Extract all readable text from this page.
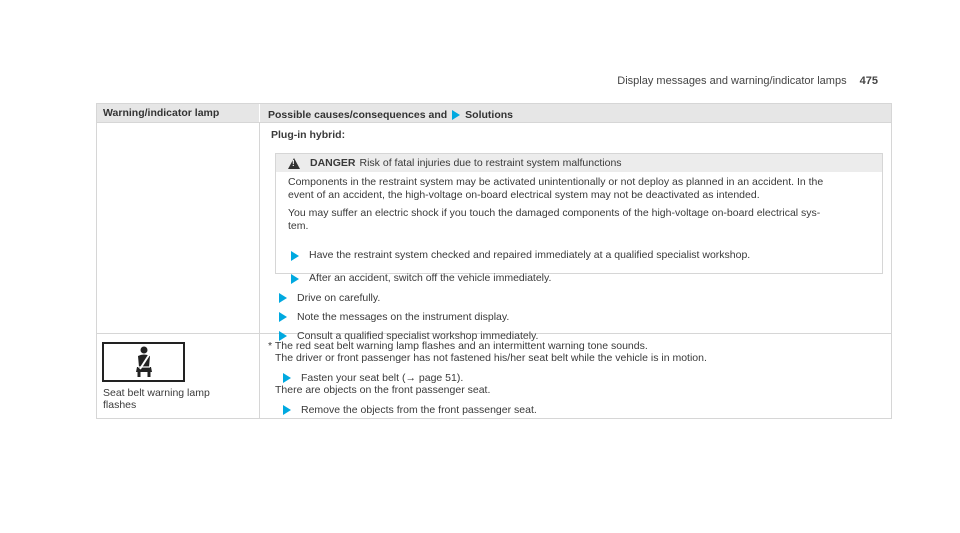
Display messages and warning/indicator lamps 475
Warning/indicator lamp	Possible causes/consequences and Solutions
Plug-in hybrid:
!
DANGER Risk of fatal injuries due to restraint system malfunctions

Components in the restraint system may be activated unintentionally or not deploy as planned in an accident. In the
event of an accident, the high-voltage on-board electrical system may not be deactivated as intended.

You may suffer an electric shock if you touch the damaged components of the high-voltage on-board electrical sys-
tem.

Have the restraint system checked and repaired immediately at a qualified specialist workshop.
After an accident, switch off the vehicle immediately.
Drive on carefully.
Note the messages on the instrument display.
Consult a qualified specialist workshop immediately.
Seat belt warning lamp
flashes
* The red seat belt warning lamp flashes and an intermittent warning tone sounds.
The driver or front passenger has not fastened his/her seat belt while the vehicle is in motion.
Fasten your seat belt (→ page 51).
There are objects on the front passenger seat.
Remove the objects from the front passenger seat.
